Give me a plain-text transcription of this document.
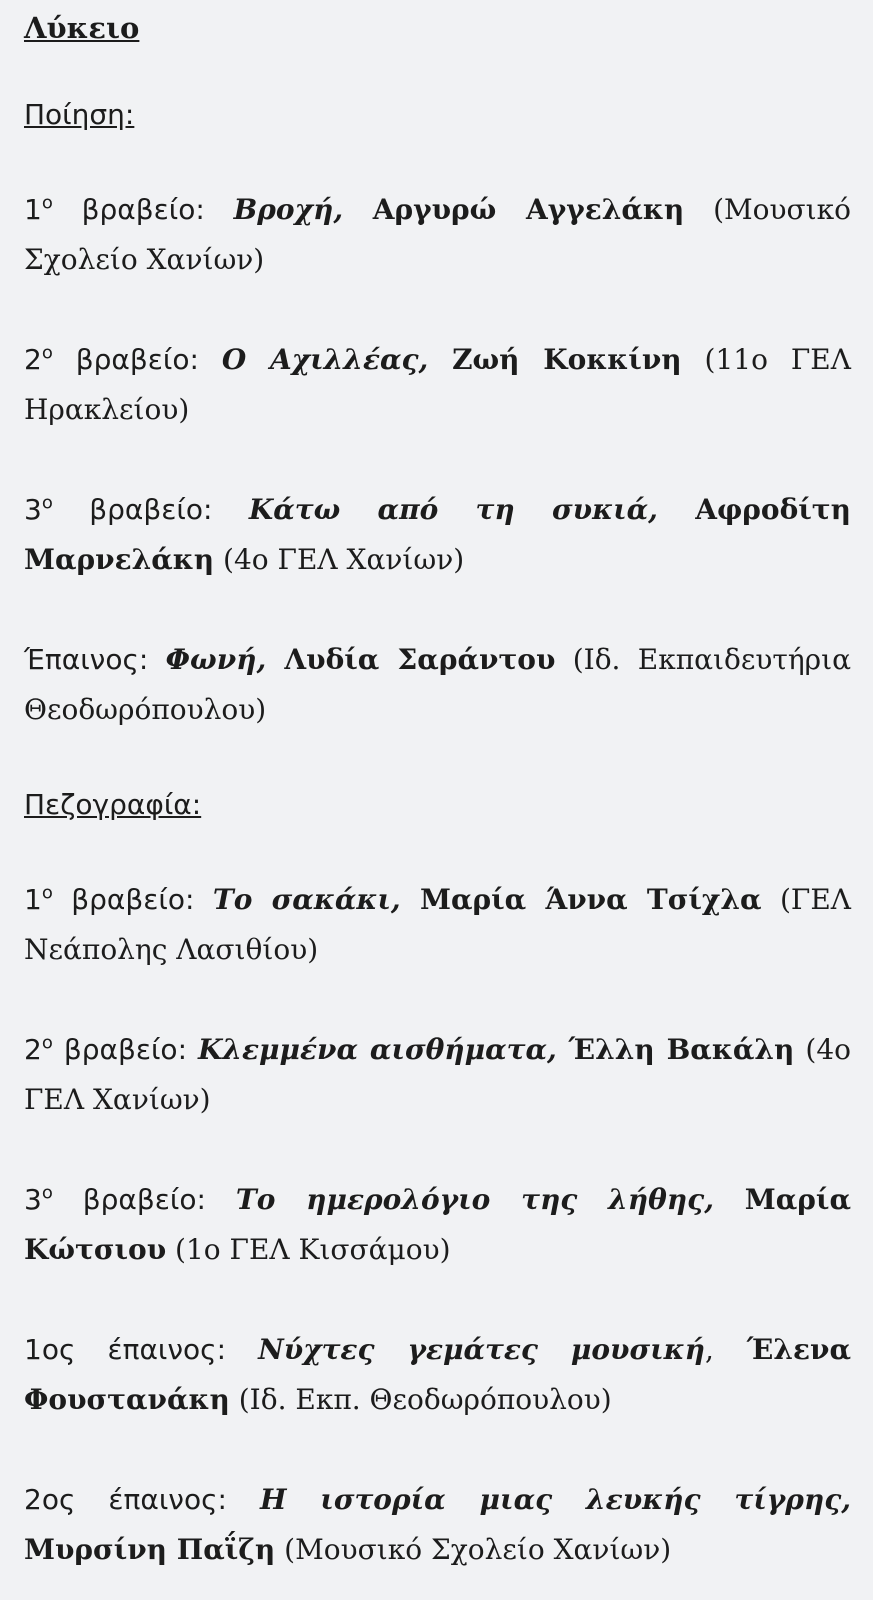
Λύκειο
Ποίηση:

$1^o$ βραβείο: Βροχή, Αργυρώ Αγγελάκη (Μουσικό Σχολείο Χανίων)

$2^o$ βραβείο: Ο Αχιλλέας, Ζωή Κοκκίνη (11ο ΓΕΛ Ηρακλείου)

$3^o$ βραβείο: Κάτω από τη συκιά, Αφροδίτη Μαρνελάκη (4ο ΓΕΛ Χανίων)

Έπαινος: Φωνή, Λυδία Σαράντου (Ιδ. Εκπαιδευτήρια Θεοδωρόπουλου)

Πεζογραφία:

$1^o$ βραβείο: Το σακάκι, Μαρία Άννα Τσίχλα (ΓΕΛ Νεάπολης Λασιθίου)

$2^o$ βραβείο: Κλεμμένα αισθήματα, Έλλη Βακάλη (4ο ΓΕΛ Χανίων)

$3^o$ βραβείο: Το ημερολόγιο της λήθης, Μαρία Κώτσιου (1ο ΓΕΛ Κισσάμου)

1ος έπαινος: Νύχτες γεμάτες μουσική, Έλενα Φουστανάκη (Ιδ. Εκπ. Θεοδωρόπουλου)

2ος έπαινος: Η ιστορία μιας λευκής τίγρης, Μυρσίνη Παΐζη (Μουσικό Σχολείο Χανίων)
